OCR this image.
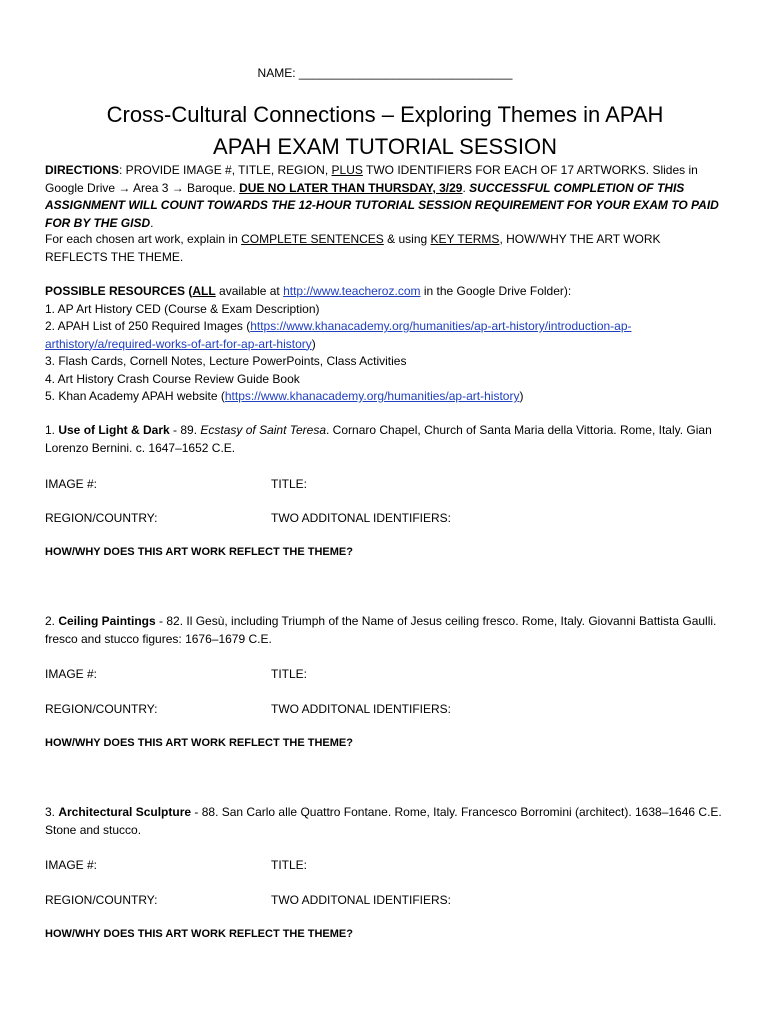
NAME: ________________________________
Cross-Cultural Connections – Exploring Themes in APAH
APAH EXAM TUTORIAL SESSION
DIRECTIONS: PROVIDE IMAGE #, TITLE, REGION, PLUS TWO IDENTIFIERS FOR EACH OF 17 ARTWORKS. Slides in Google Drive → Area 3 → Baroque. DUE NO LATER THAN THURSDAY, 3/29. SUCCESSFUL COMPLETION OF THIS ASSIGNMENT WILL COUNT TOWARDS THE 12-HOUR TUTORIAL SESSION REQUIREMENT FOR YOUR EXAM TO PAID FOR BY THE GISD.
For each chosen art work, explain in COMPLETE SENTENCES & using KEY TERMS, HOW/WHY THE ART WORK REFLECTS THE THEME.
POSSIBLE RESOURCES (ALL available at http://www.teacheroz.com in the Google Drive Folder):
1. AP Art History CED (Course & Exam Description)
2. APAH List of 250 Required Images (https://www.khanacademy.org/humanities/ap-art-history/introduction-ap-
arthistory/a/required-works-of-art-for-ap-art-history)
3. Flash Cards, Cornell Notes, Lecture PowerPoints, Class Activities
4. Art History Crash Course Review Guide Book
5. Khan Academy APAH website (https://www.khanacademy.org/humanities/ap-art-history)
1. Use of Light & Dark - 89. Ecstasy of Saint Teresa. Cornaro Chapel, Church of Santa Maria della Vittoria. Rome, Italy. Gian Lorenzo Bernini. c. 1647–1652 C.E.
IMAGE #:	TITLE:
REGION/COUNTRY:	TWO ADDITONAL IDENTIFIERS:
HOW/WHY DOES THIS ART WORK REFLECT THE THEME?
2. Ceiling Paintings - 82. Il Gesù, including Triumph of the Name of Jesus ceiling fresco. Rome, Italy. Giovanni Battista Gaulli. fresco and stucco figures: 1676–1679 C.E.
IMAGE #:	TITLE:
REGION/COUNTRY:	TWO ADDITONAL IDENTIFIERS:
HOW/WHY DOES THIS ART WORK REFLECT THE THEME?
3. Architectural Sculpture - 88. San Carlo alle Quattro Fontane. Rome, Italy. Francesco Borromini (architect). 1638–1646 C.E. Stone and stucco.
IMAGE #:	TITLE:
REGION/COUNTRY:	TWO ADDITONAL IDENTIFIERS:
HOW/WHY DOES THIS ART WORK REFLECT THE THEME?
